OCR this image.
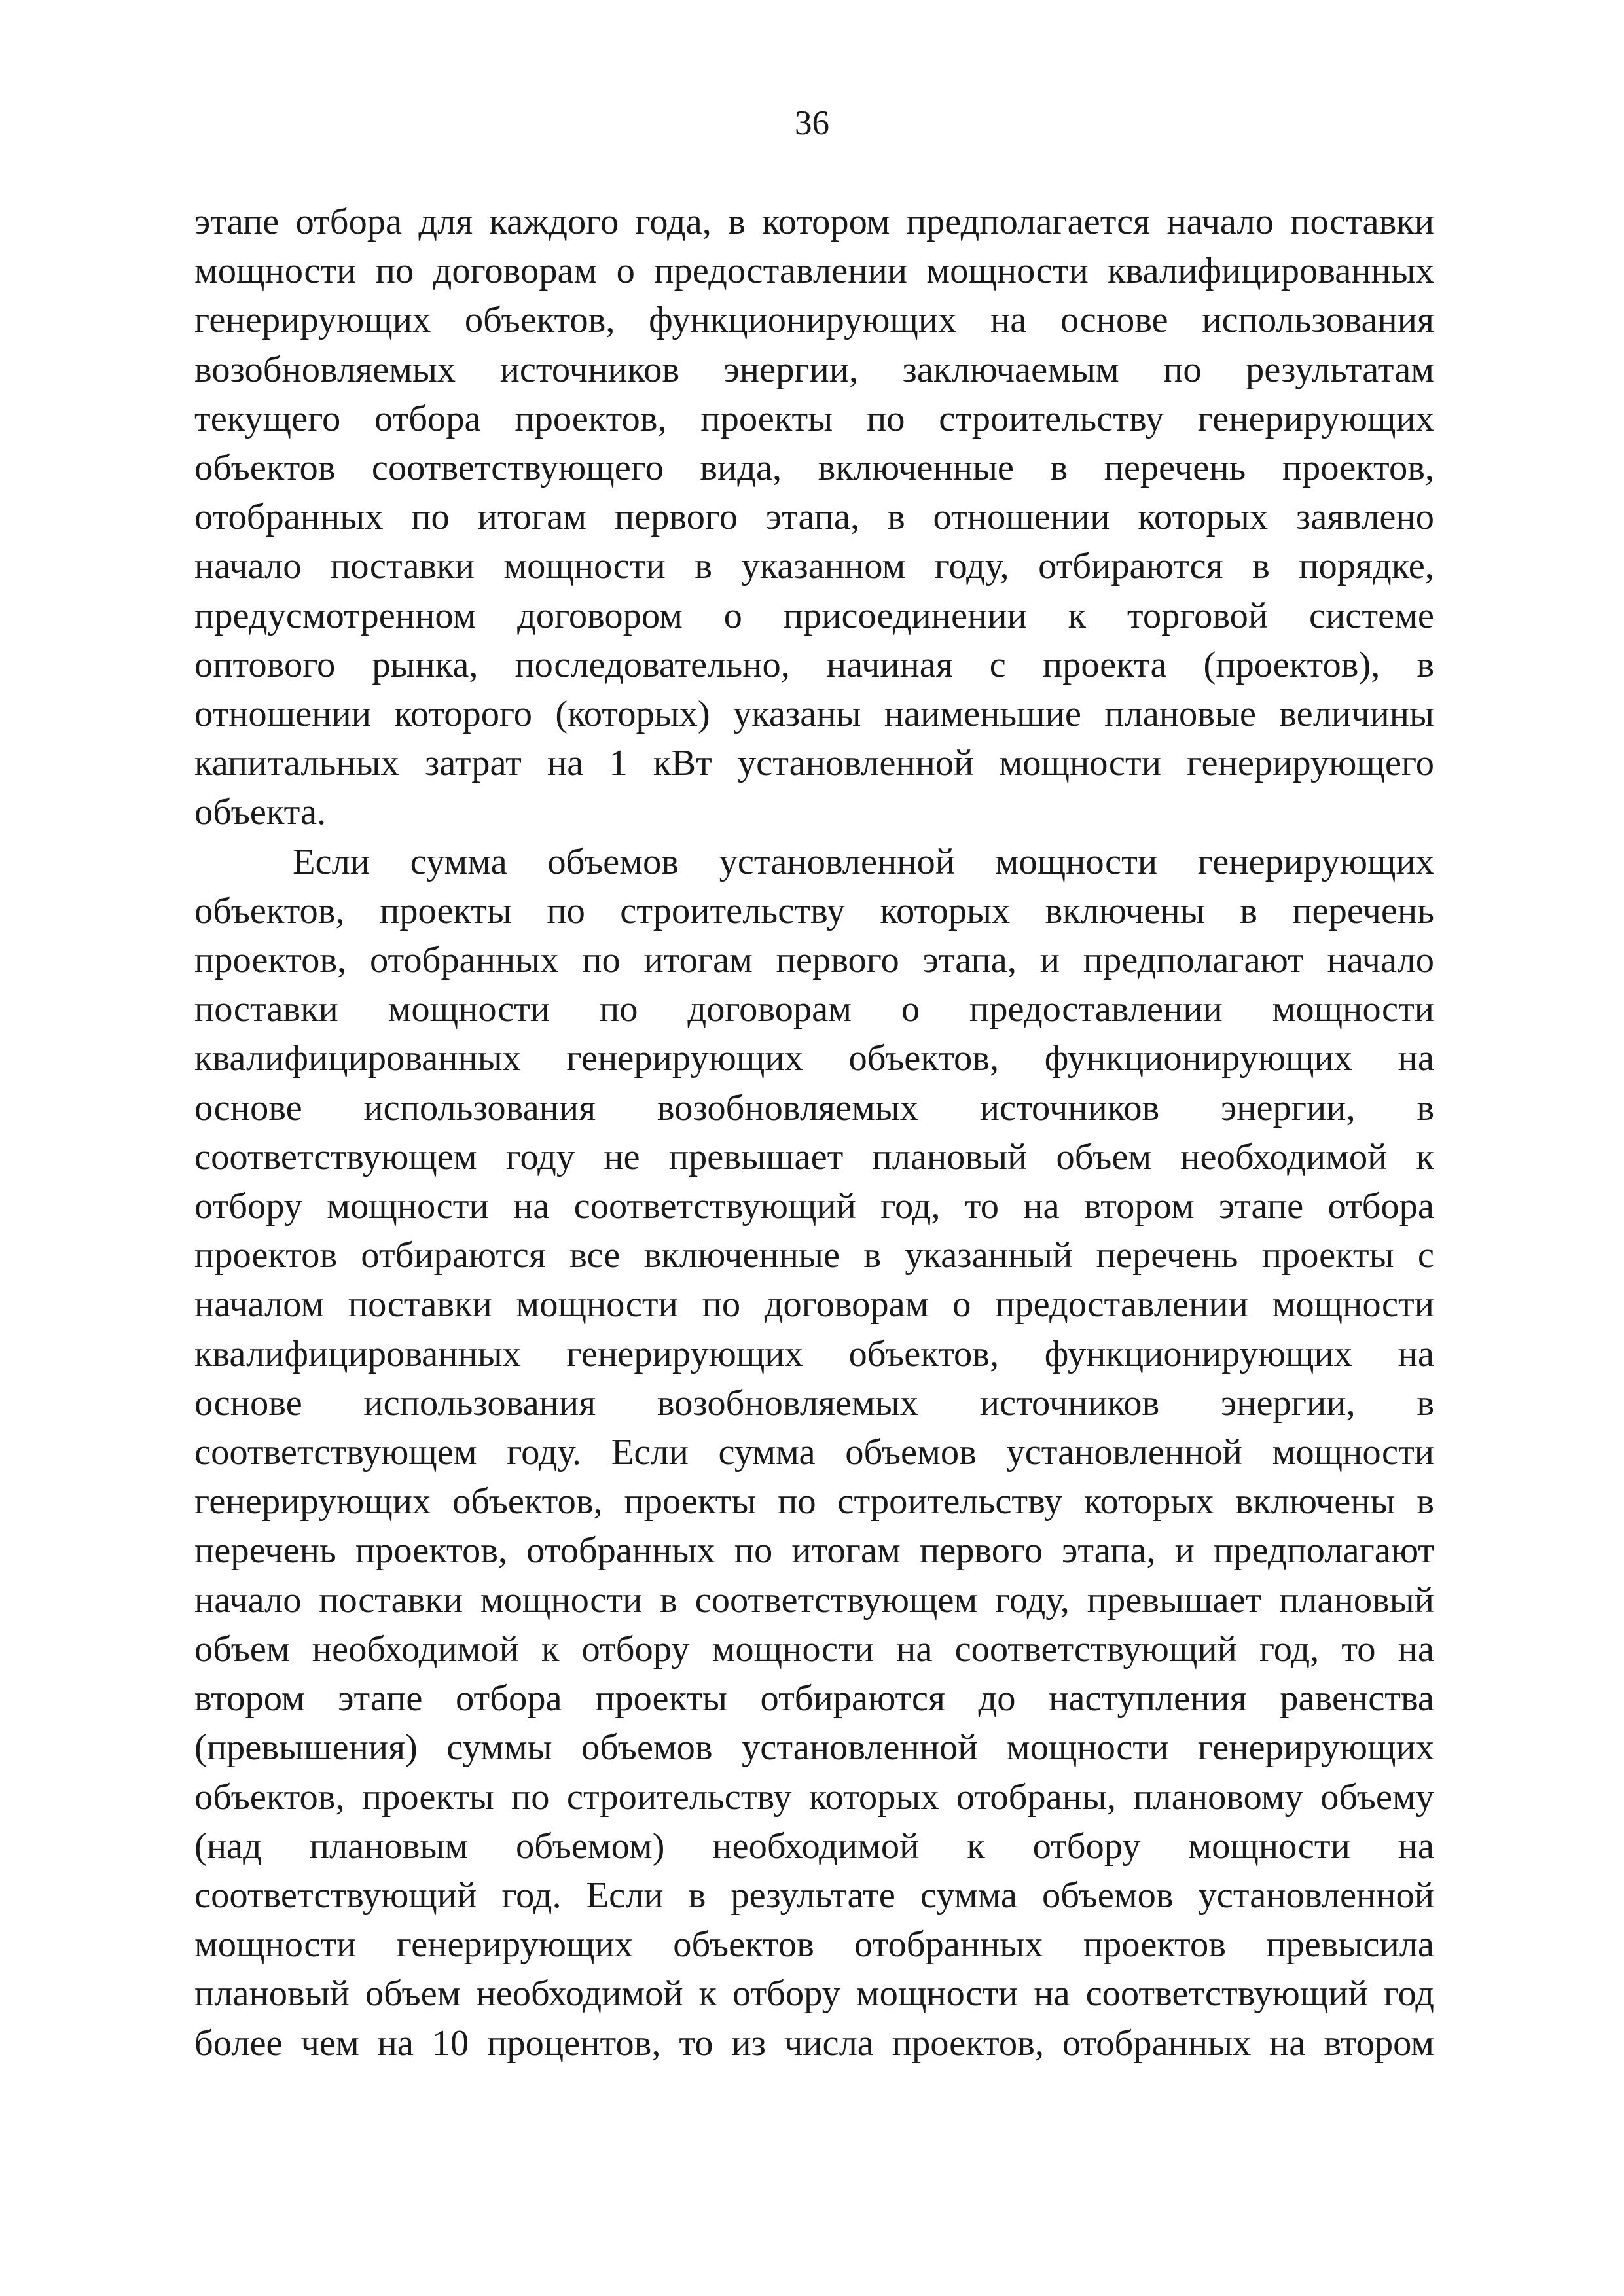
36
этапе отбора для каждого года, в котором предполагается начало поставки
мощности по договорам о предоставлении мощности квалифицированных
генерирующих объектов, функционирующих на основе использования
возобновляемых источников энергии, заключаемым по результатам
текущего отбора проектов, проекты по строительству генерирующих
объектов соответствующего вида, включенные в перечень проектов,
отобранных по итогам первого этапа, в отношении которых заявлено
начало поставки мощности в указанном году, отбираются в порядке,
предусмотренном договором о присоединении к торговой системе
оптового рынка, последовательно, начиная с проекта (проектов), в
отношении которого (которых) указаны наименьшие плановые величины
капитальных затрат на 1 кВт установленной мощности генерирующего
объекта.
Если сумма объемов установленной мощности генерирующих
объектов, проекты по строительству которых включены в перечень
проектов, отобранных по итогам первого этапа, и предполагают начало
поставки мощности по договорам о предоставлении мощности
квалифицированных генерирующих объектов, функционирующих на
основе использования возобновляемых источников энергии, в
соответствующем году не превышает плановый объем необходимой к
отбору мощности на соответствующий год, то на втором этапе отбора
проектов отбираются все включенные в указанный перечень проекты с
началом поставки мощности по договорам о предоставлении мощности
квалифицированных генерирующих объектов, функционирующих на
основе использования возобновляемых источников энергии, в
соответствующем году. Если сумма объемов установленной мощности
генерирующих объектов, проекты по строительству которых включены в
перечень проектов, отобранных по итогам первого этапа, и предполагают
начало поставки мощности в соответствующем году, превышает плановый
объем необходимой к отбору мощности на соответствующий год, то на
втором этапе отбора проекты отбираются до наступления равенства
(превышения) суммы объемов установленной мощности генерирующих
объектов, проекты по строительству которых отобраны, плановому объему
(над плановым объемом) необходимой к отбору мощности на
соответствующий год. Если в результате сумма объемов установленной
мощности генерирующих объектов отобранных проектов превысила
плановый объем необходимой к отбору мощности на соответствующий год
более чем на 10 процентов, то из числа проектов, отобранных на втором
